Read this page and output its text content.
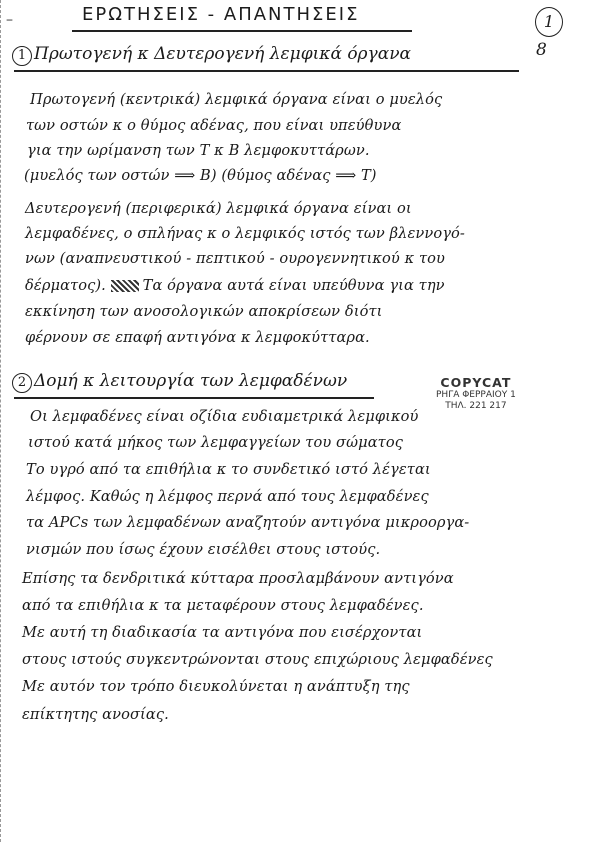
–	ΕΡΩΤΗΣΕΙΣ - ΑΠΑΝΤΗΣΕΙΣ	1
8
1 Πρωτογενή κ Δευτερογενή λεμφικά όργανα
Πρωτογενή (κεντρικά) λεμφικά όργανα είναι ο μυελός
των οστών κ ο θύμος αδένας, που είναι υπεύθυνα
για την ωρίμανση των Τ κ Β λεμφοκυττάρων.
(μυελός των οστών ⟹ Β) (θύμος αδένας ⟹ Τ)
Δευτερογενή (περιφερικά) λεμφικά όργανα είναι οι
λεμφαδένες, ο σπλήνας κ ο λεμφικός ιστός των βλεννογό-
νων (αναπνευστικού - πεπτικού - ουρογεννητικού κ του
δέρματος).	Τα όργανα αυτά είναι υπεύθυνα για την
εκκίνηση των ανοσολογικών αποκρίσεων διότι
φέρνουν σε επαφή αντιγόνα κ λεμφοκύτταρα.
COPYCAT
ΡΗΓΑ ΦΕΡΡΑΙΟΥ 1
ΤΗΛ. 221 217
2 Δομή κ λειτουργία των λεμφαδένων
Οι λεμφαδένες είναι οζίδια ευδιαμετρικά λεμφικού
ιστού κατά μήκος των λεμφαγγείων του σώματος
Το υγρό από τα επιθήλια κ το συνδετικό ιστό λέγεται
λέμφος. Καθώς η λέμφος περνά από τους λεμφαδένες
τα APCs των λεμφαδένων αναζητούν αντιγόνα μικροοργα-
νισμών που ίσως έχουν εισέλθει στους ιστούς.
Επίσης τα δενδριτικά κύτταρα προσλαμβάνουν αντιγόνα
από τα επιθήλια κ τα μεταφέρουν στους λεμφαδένες.
Με αυτή τη διαδικασία τα αντιγόνα που εισέρχονται
στους ιστούς συγκεντρώνονται στους επιχώριους λεμφαδένες
Με αυτόν τον τρόπο διευκολύνεται η ανάπτυξη της
επίκτητης ανοσίας.
